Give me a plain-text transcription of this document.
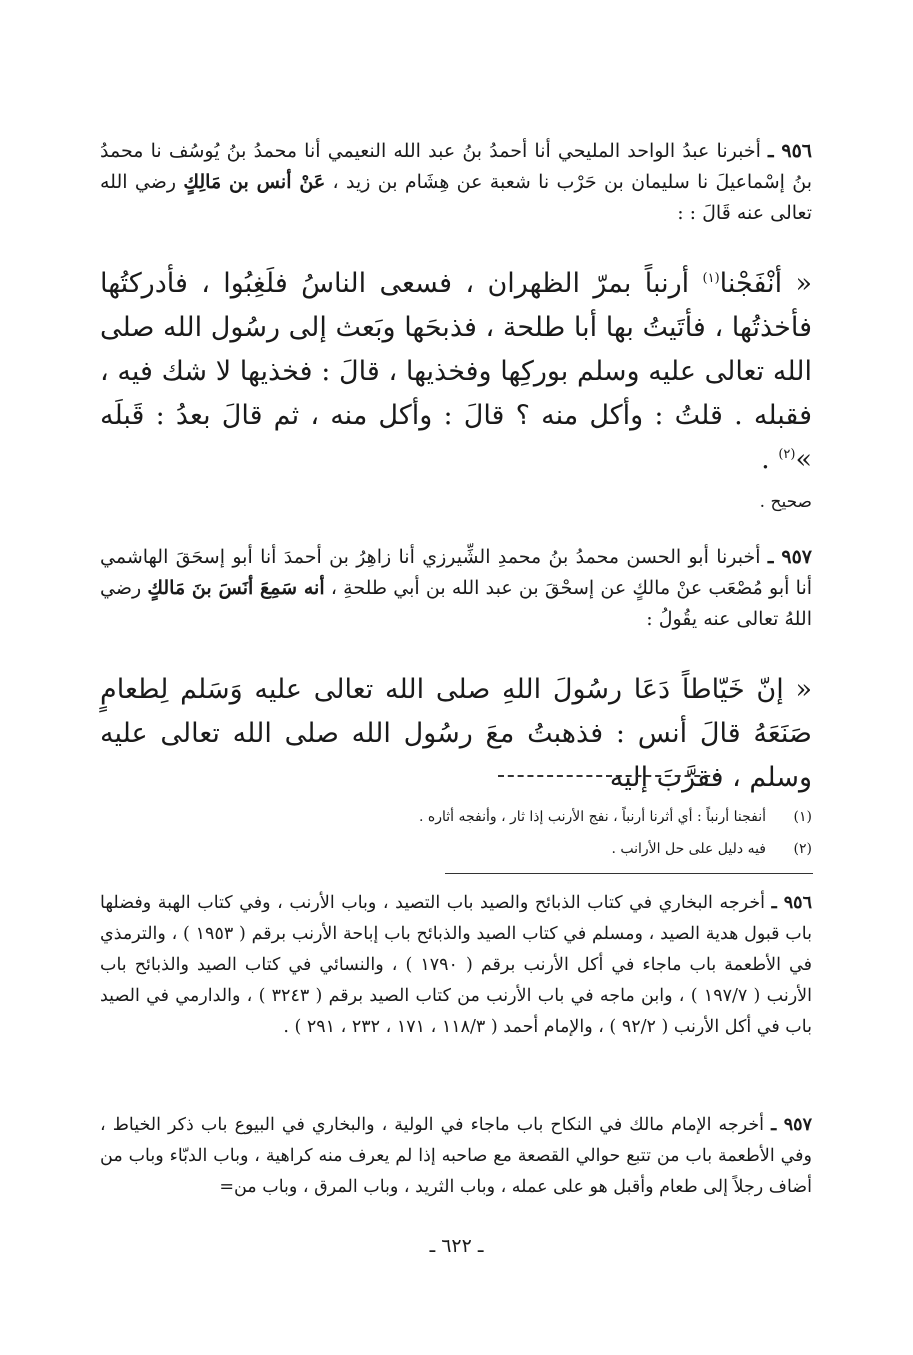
٩٥٦ ـ أخبرنا عبدُ الواحد المليحي أنا أحمدُ بنُ عبد الله النعيمي أنا محمدُ بنُ يُوسُف نا محمدُ بنُ إسْماعيلَ نا سليمان بن حَرْب نا شعبة عن هِشَام بن زيد ، عَنْ أنس بن مَالِكٍ رضي الله تعالى عنه قَالَ : :

« أنْفَجْنا$^{(١)}$ أرنباً بمرّ الظهران ، فسعى الناسُ فلَغِبُوا ، فأدركتُها فأخذتُها ، فأتَيتُ بها أبا طلحة ، فذبحَها وبَعث إلى رسُول الله صلى الله تعالى عليه وسلم بوركِها وفخذيها ، قالَ : فخذيها لا شك فيه ، فقبله . قلتُ : وأكل منه ؟ قالَ : وأكل منه ، ثم قالَ بعدُ : قَبلَه »$^{(٢)}$ .

صحيح .

٩٥٧ ـ أخبرنا أبو الحسن محمدُ بنُ محمدِ الشِّيرزي أنا زاهِرُ بن أحمدَ أنا أبو إسحَقَ الهاشمي أنا أبو مُصْعَب عنْ مالكٍ عن إسحْقَ بن عبد الله بن أبي طلحةِ ، أنه سَمِعَ أنَسَ بنَ مَالكٍ رضي اللهُ تعالى عنه يقُولُ :

« إنّ خَيّاطاً دَعَا رسُولَ اللهِ صلى الله تعالى عليه وَسَلم لِطعامٍ صَنَعَهُ قالَ أنس : فذهبتُ معَ رسُول الله صلى الله تعالى عليه وسلم ، فقرَّبَ إليه

(١)أنفجنا أرنباً : أي أثرنا أرنباً ، نفج الأرنب إذا ثار ، وأنفجه أثاره .
(٢)فيه دليل على حل الأرانب .

٩٥٦ ـ أخرجه البخاري في كتاب الذبائح والصيد باب التصيد ، وباب الأرنب ، وفي كتاب الهبة وفضلها باب قبول هدية الصيد ، ومسلم في كتاب الصيد والذبائح باب إباحة الأرنب برقم ( ١٩٥٣ ) ، والترمذي في الأطعمة باب ماجاء في أكل الأرنب برقم ( ١٧٩٠ ) ، والنسائي في كتاب الصيد والذبائح باب الأرنب ( ١٩٧/٧ ) ، وابن ماجه في باب الأرنب من كتاب الصيد برقم ( ٣٢٤٣ ) ، والدارمي في الصيد باب في أكل الأرنب ( ٩٢/٢ ) ، والإمام أحمد ( ١١٨/٣ ، ١٧١ ، ٢٣٢ ، ٢٩١ ) .

٩٥٧ ـ أخرجه الإمام مالك في النكاح باب ماجاء في الولية ، والبخاري في البيوع باب ذكر الخياط ، وفي الأطعمة باب من تتبع حوالي القصعة مع صاحبه إذا لم يعرف منه كراهية ، وباب الدبّاء وباب من أضاف رجلاً إلى طعام وأقبل هو على عمله ، وباب الثريد ، وباب المرق ، وباب من=

ـ ٦٢٢ ـ
